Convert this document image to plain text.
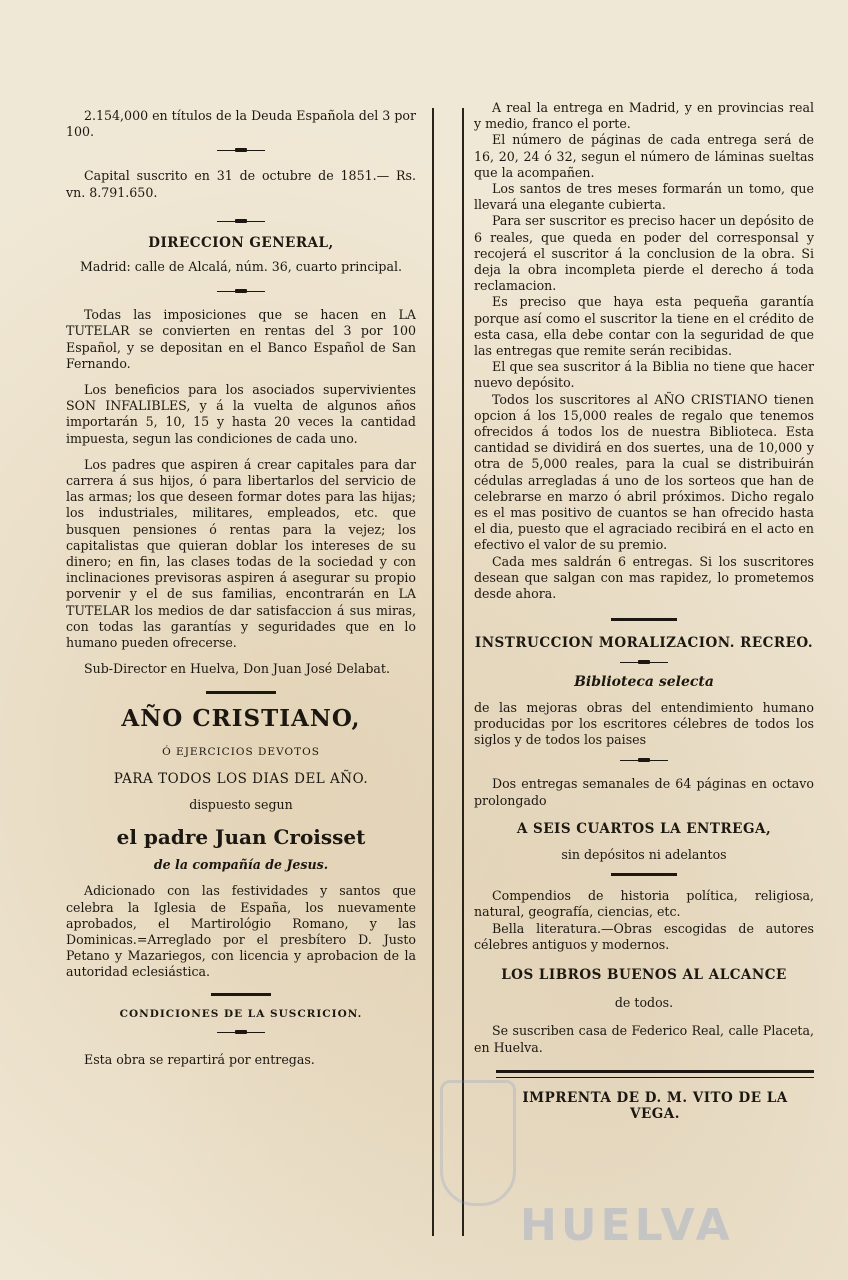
HUELVA

2.154,000 en títulos de la Deuda Española del 3 por 100.

Capital suscrito en 31 de octubre de 1851.— Rs. vn. 8.791.650.

DIRECCION GENERAL,
Madrid: calle de Alcalá, núm. 36, cuarto principal.

Todas las imposiciones que se hacen en LA TUTELAR se convierten en rentas del 3 por 100 Español, y se depositan en el Banco Español de San Fernando.

Los beneficios para los asociados supervivientes SON INFALIBLES, y á la vuelta de algunos años importarán 5, 10, 15 y hasta 20 veces la cantidad impuesta, segun las condiciones de cada uno.

Los padres que aspiren á crear capitales para dar carrera á sus hijos, ó para libertarlos del servicio de las armas; los que deseen formar dotes para las hijas; los industriales, militares, empleados, etc. que busquen pensiones ó rentas para la vejez; los capitalistas que quieran doblar los intereses de su dinero; en fin, las clases todas de la sociedad y con inclinaciones previsoras aspiren á asegurar su propio porvenir y el de sus familias, encontrarán en LA TUTELAR los medios de dar satisfaccion á sus miras, con todas las garantías y seguridades que en lo humano pueden ofrecerse.

Sub-Director en Huelva, Don Juan José Delabat.

AÑO CRISTIANO,
Ó EJERCICIOS DEVOTOS
PARA TODOS LOS DIAS DEL AÑO.
dispuesto segun
el padre Juan Croisset
de la compañía de Jesus.

Adicionado con las festividades y santos que celebra la Iglesia de España, los nuevamente aprobados, el Martirológio Romano, y las Dominicas.=Arreglado por el presbítero D. Justo Petano y Mazariegos, con licencia y aprobacion de la autoridad eclesiástica.

CONDICIONES DE LA SUSCRICION.

Esta obra se repartirá por entregas.

A real la entrega en Madrid, y en provincias real y medio, franco el porte.

El número de páginas de cada entrega será de 16, 20, 24 ó 32, segun el número de láminas sueltas que la acompañen.

Los santos de tres meses formarán un tomo, que llevará una elegante cubierta.

Para ser suscritor es preciso hacer un depósito de 6 reales, que queda en poder del corresponsal y recojerá el suscritor á la conclusion de la obra. Si deja la obra incompleta pierde el derecho á toda reclamacion.

Es preciso que haya esta pequeña garantía porque así como el suscritor la tiene en el crédito de esta casa, ella debe contar con la seguridad de que las entregas que remite serán recibidas.

El que sea suscritor á la Biblia no tiene que hacer nuevo depósito.

Todos los suscritores al AÑO CRISTIANO tienen opcion á los 15,000 reales de regalo que tenemos ofrecidos á todos los de nuestra Biblioteca. Esta cantidad se dividirá en dos suertes, una de 10,000 y otra de 5,000 reales, para la cual se distribuirán cédulas arregladas á uno de los sorteos que han de celebrarse en marzo ó abril próximos. Dicho regalo es el mas positivo de cuantos se han ofrecido hasta el dia, puesto que el agraciado recibirá en el acto en efectivo el valor de su premio.

Cada mes saldrán 6 entregas. Si los suscritores desean que salgan con mas rapidez, lo prometemos desde ahora.

INSTRUCCION MORALIZACION. RECREO.
Biblioteca selecta

de las mejoras obras del entendimiento humano producidas por los escritores célebres de todos los siglos y de todos los paises

Dos entregas semanales de 64 páginas en octavo prolongado

A SEIS CUARTOS LA ENTREGA,
sin depósitos ni adelantos

Compendios de historia política, religiosa, natural, geografía, ciencias, etc.

Bella literatura.—Obras escogidas de autores célebres antiguos y modernos.

LOS LIBROS BUENOS AL ALCANCE
de todos.

Se suscriben casa de Federico Real, calle Placeta, en Huelva.

IMPRENTA DE D. M. VITO DE LA VEGA.
